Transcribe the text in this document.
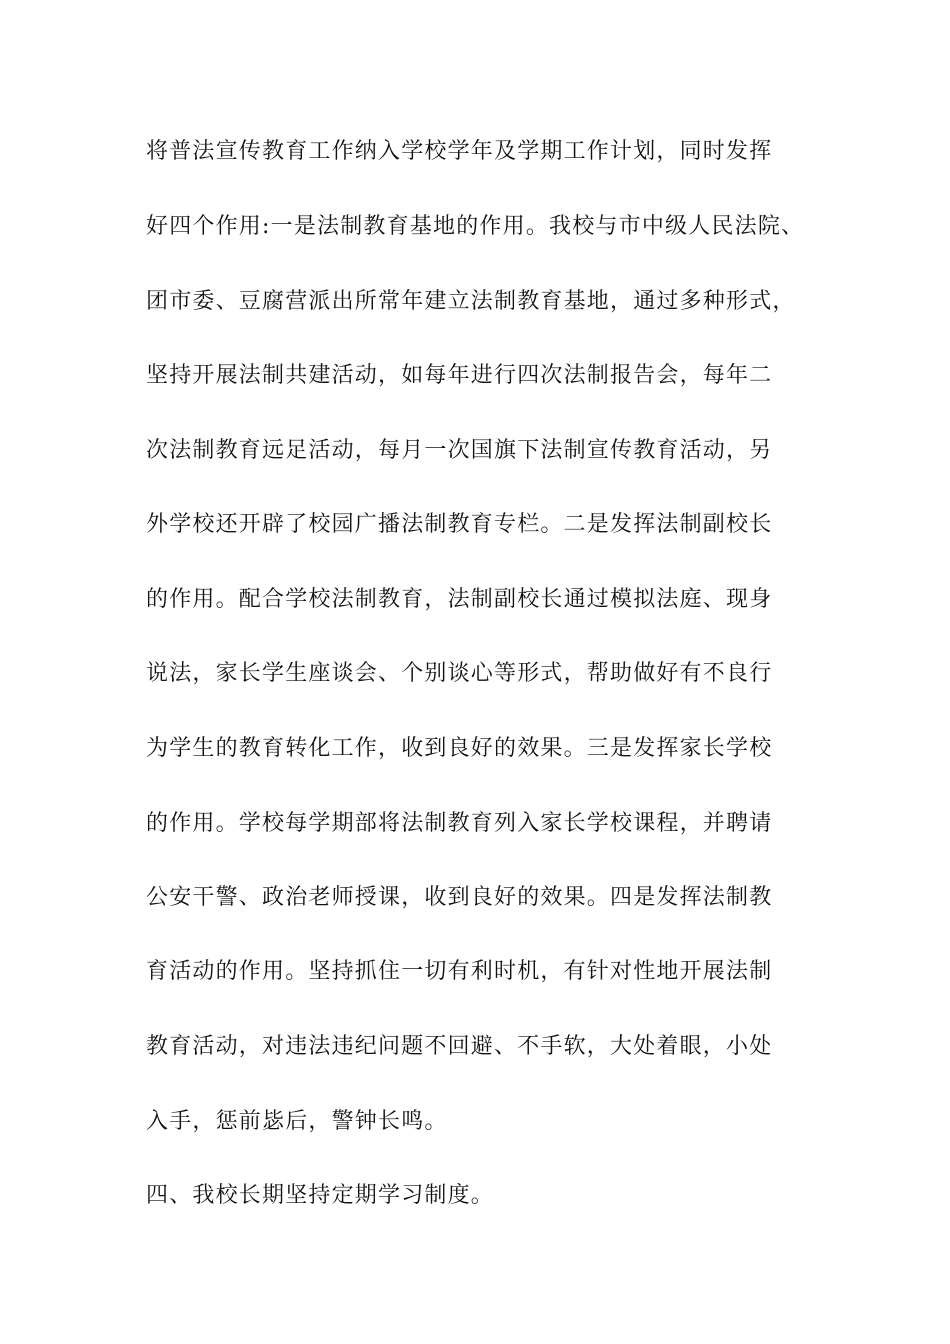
将普法宣传教育工作纳入学校学年及学期工作计划，同时发挥
好四个作用:一是法制教育基地的作用。我校与市中级人民法院、
团市委、豆腐营派出所常年建立法制教育基地，通过多种形式，
坚持开展法制共建活动，如每年进行四次法制报告会，每年二
次法制教育远足活动，每月一次国旗下法制宣传教育活动，另
外学校还开辟了校园广播法制教育专栏。二是发挥法制副校长
的作用。配合学校法制教育，法制副校长通过模拟法庭、现身
说法，家长学生座谈会、个别谈心等形式，帮助做好有不良行
为学生的教育转化工作，收到良好的效果。三是发挥家长学校
的作用。学校每学期部将法制教育列入家长学校课程，并聘请
公安干警、政治老师授课，收到良好的效果。四是发挥法制教
育活动的作用。坚持抓住一切有利时机，有针对性地开展法制
教育活动，对违法违纪问题不回避、不手软，大处着眼，小处
入手，惩前毖后，警钟长鸣。
四、我校长期坚持定期学习制度。
